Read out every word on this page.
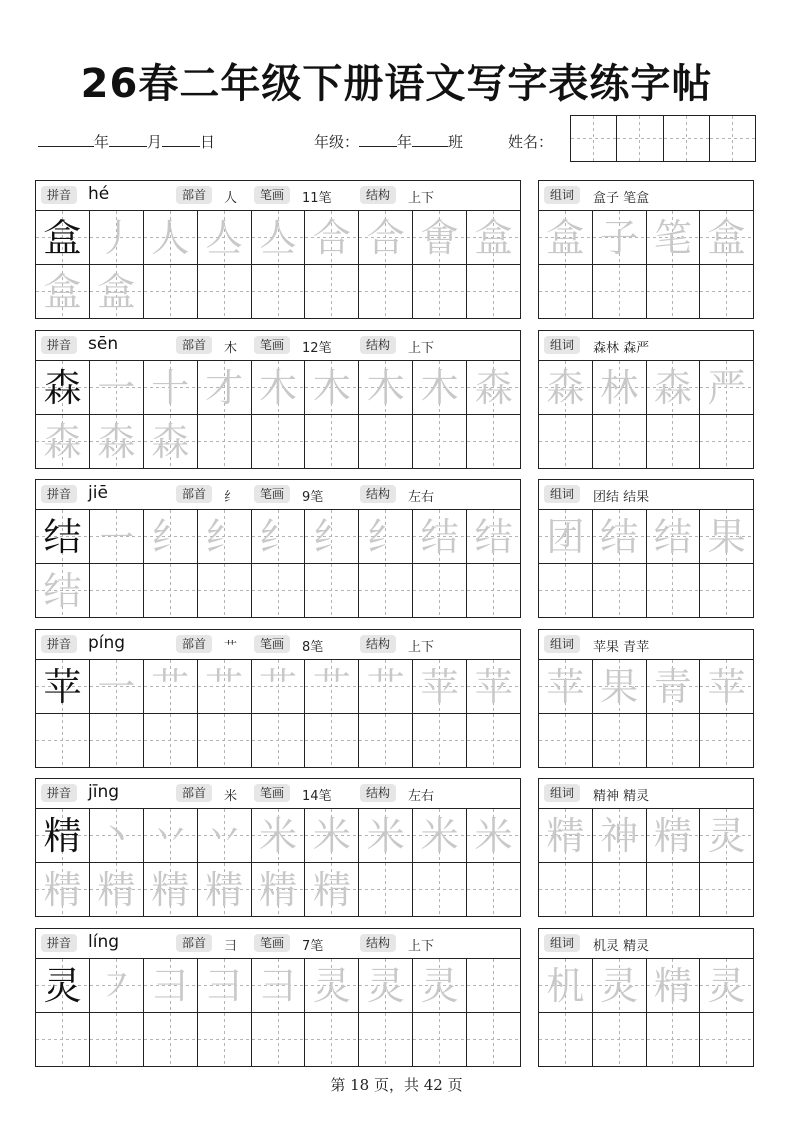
26春二年级下册语文写字表练字帖
年	月	日	年级：	年 班	姓名：
拼音 hé	部首	人	笔画	11笔	结构	上下
盒 丿 人 亼 亼 合 合 㑹 盒
盒 盒
组词	盒子 笔盒
盒 子 笔 盒
拼音 sēn	部首	木	笔画	12笔	结构	上下
森 一 十 才 木 木 木 木 森
森 森 森
组词	森林 森严
森 林 森 严
拼音 jiē	部首	纟	笔画	9笔	结构	左右
结 ㇐ 纟 纟 纟 纟 纟 结 结
结
组词	团结 结果
团 结 结 果
拼音 píng	部首	艹	笔画	8笔	结构	上下
苹 一 艹 艹 艹 艹 艹 苹 苹
组词	苹果 青苹
苹 果 青 苹
拼音 jīng	部首	米	笔画	14笔	结构	左右
精 丶 丷 丷 米 米 米 米 米
精 精 精 精 精 精
组词	精神 精灵
精 神 精 灵
拼音 líng	部首	彐	笔画	7笔	结构	上下
灵 ㇇ 彐 彐 彐 灵 灵 灵
组词	机灵 精灵
机 灵 精 灵
第 18 页，共 42 页
